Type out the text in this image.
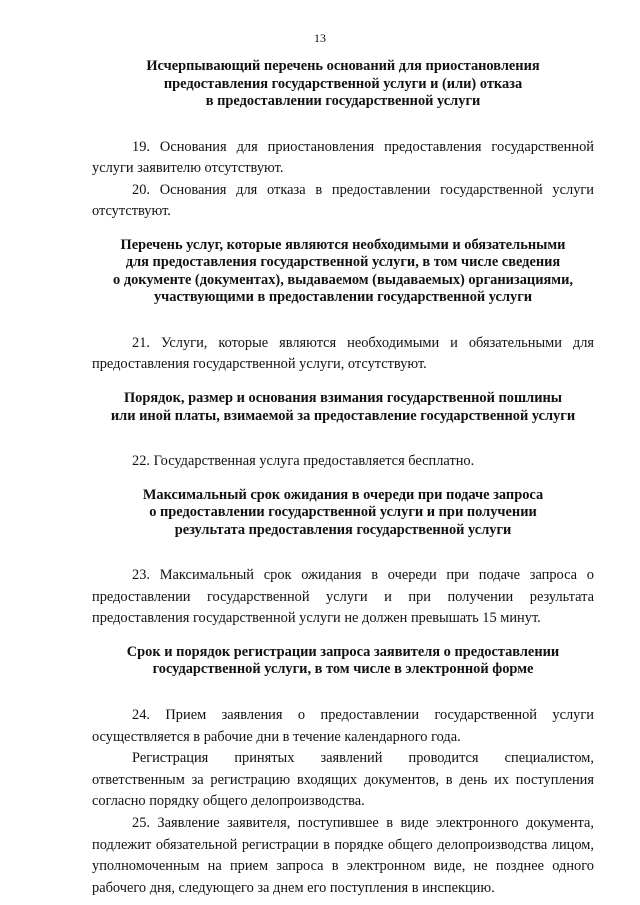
13
Исчерпывающий перечень оснований для приостановления
предоставления государственной услуги и (или) отказа
в предоставлении государственной услуги

19. Основания для приостановления предоставления государственной услуги заявителю отсутствуют.

20. Основания для отказа в предоставлении государственной услуги отсутствуют.

Перечень услуг, которые являются необходимыми и обязательными
для предоставления государственной услуги, в том числе сведения
о документе (документах), выдаваемом (выдаваемых) организациями,
участвующими в предоставлении государственной услуги

21. Услуги, которые являются необходимыми и обязательными для предоставления государственной услуги, отсутствуют.

Порядок, размер и основания взимания государственной пошлины
или иной платы, взимаемой за предоставление государственной услуги

22. Государственная услуга предоставляется бесплатно.

Максимальный срок ожидания в очереди при подаче запроса
о предоставлении государственной услуги и при получении
результата предоставления государственной услуги

23. Максимальный срок ожидания в очереди при подаче запроса о предоставлении государственной услуги и при получении результата предоставления государственной услуги не должен превышать 15 минут.

Срок и порядок регистрации запроса заявителя о предоставлении
государственной услуги, в том числе в электронной форме

24. Прием заявления о предоставлении государственной услуги осуществляется в рабочие дни в течение календарного года.

Регистрация принятых заявлений проводится специалистом, ответственным за регистрацию входящих документов, в день их поступления согласно порядку общего делопроизводства.

25. Заявление заявителя, поступившее в виде электронного документа, подлежит обязательной регистрации в порядке общего делопроизводства лицом, уполномоченным на прием запроса в электронном виде, не позднее одного рабочего дня, следующего за днем его поступления в инспекцию.
